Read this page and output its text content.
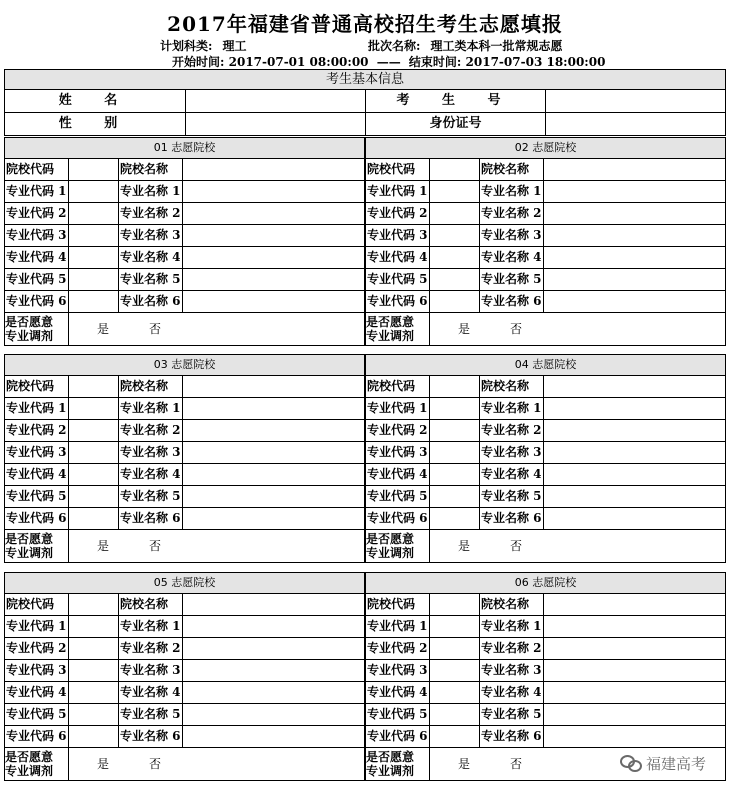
2017年福建省普通高校招生考生志愿填报
计划科类: 理工	批次名称: 理工类本科一批常规志愿
开始时间: 2017-07-01 08:00:00 —— 结束时间: 2017-07-03 18:00:00
考生基本信息			
姓 名		考 生 号	
性 别		身份证号	
01 志愿院校			
院校代码		院校名称	
专业代码 1		专业名称 1	
专业代码 2		专业名称 2	
专业代码 3		专业名称 3	
专业代码 4		专业名称 4	
专业代码 5		专业名称 5	
专业代码 6		专业名称 6	

是否愿意
专业调剂	是 否		
02 志愿院校			
院校代码		院校名称	
专业代码 1		专业名称 1	
专业代码 2		专业名称 2	
专业代码 3		专业名称 3	
专业代码 4		专业名称 4	
专业代码 5		专业名称 5	
专业代码 6		专业名称 6	

是否愿意
专业调剂	是 否		
03 志愿院校			
院校代码		院校名称	
专业代码 1		专业名称 1	
专业代码 2		专业名称 2	
专业代码 3		专业名称 3	
专业代码 4		专业名称 4	
专业代码 5		专业名称 5	
专业代码 6		专业名称 6	

是否愿意
专业调剂	是 否		
04 志愿院校			
院校代码		院校名称	
专业代码 1		专业名称 1	
专业代码 2		专业名称 2	
专业代码 3		专业名称 3	
专业代码 4		专业名称 4	
专业代码 5		专业名称 5	
专业代码 6		专业名称 6	

是否愿意
专业调剂	是 否		
05 志愿院校			
院校代码		院校名称	
专业代码 1		专业名称 1	
专业代码 2		专业名称 2	
专业代码 3		专业名称 3	
专业代码 4		专业名称 4	
专业代码 5		专业名称 5	
专业代码 6		专业名称 6	

是否愿意
专业调剂	是 否		
06 志愿院校			
院校代码		院校名称	
专业代码 1		专业名称 1	
专业代码 2		专业名称 2	
专业代码 3		专业名称 3	
专业代码 4		专业名称 4	
专业代码 5		专业名称 5	
专业代码 6		专业名称 6	

是否愿意
专业调剂	是 否			福建高考
